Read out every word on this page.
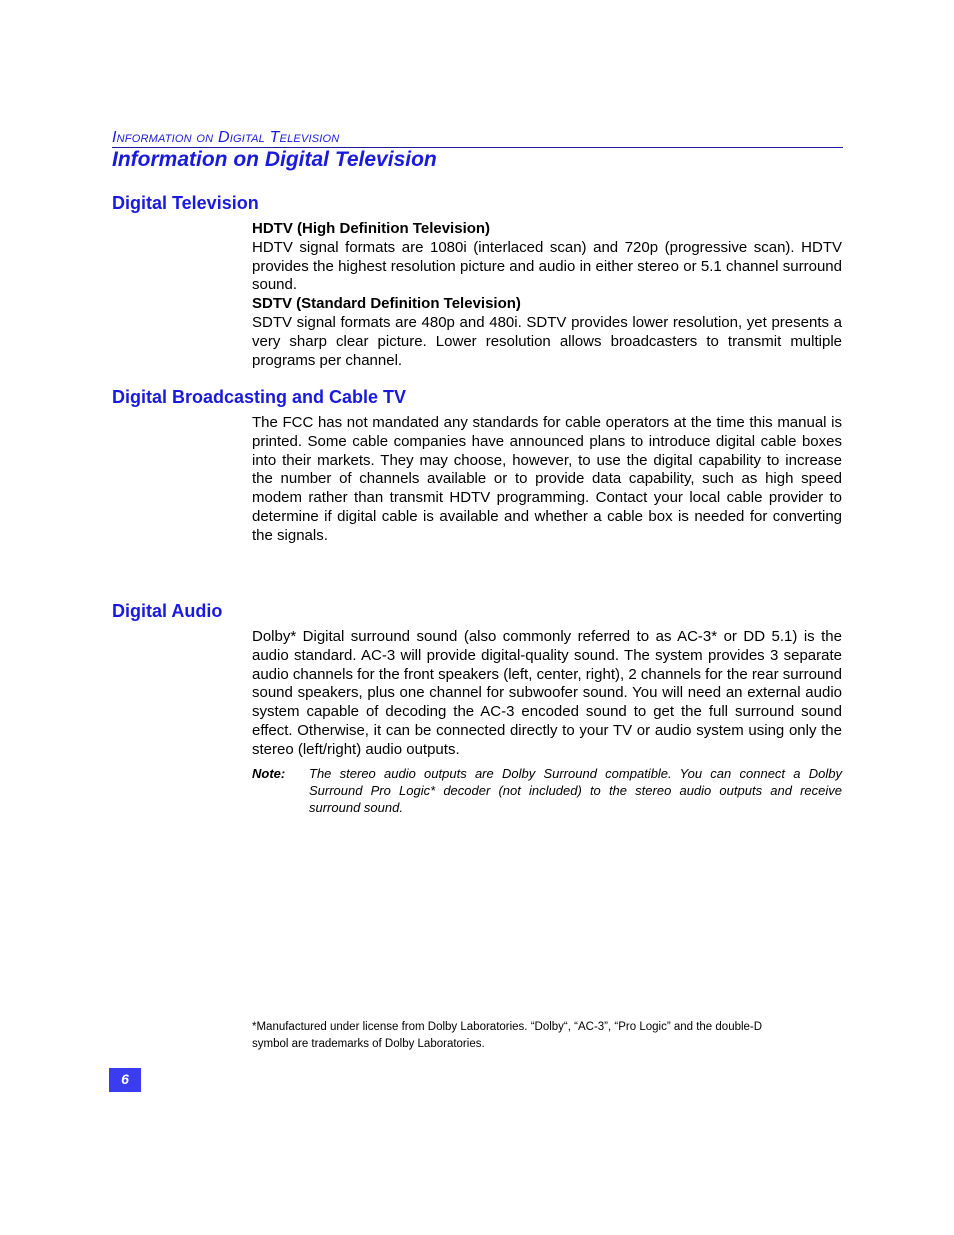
Information on Digital Television
Information on Digital Television
Digital Television

HDTV (High Definition Television)

HDTV signal formats are 1080i (interlaced scan) and 720p (progressive scan). HDTV provides the highest resolution picture and audio in either stereo or 5.1 channel surround sound.

SDTV (Standard Definition Television)

SDTV signal formats are 480p and 480i. SDTV provides lower resolution, yet presents a very sharp clear picture. Lower resolution allows broadcasters to transmit multiple programs per channel.

Digital Broadcasting and Cable TV

The FCC has not mandated any standards for cable operators at the time this manual is printed. Some cable companies have announced plans to introduce digital cable boxes into their markets. They may choose, however, to use the digital capability to increase the number of channels available or to provide data capability, such as high speed modem rather than transmit HDTV programming. Contact your local cable provider to determine if digital cable is available and whether a cable box is needed for converting the signals.

Digital Audio

Dolby* Digital surround sound (also commonly referred to as AC-3* or DD 5.1) is the audio standard. AC-3 will provide digital-quality sound. The system provides 3 separate audio channels for the front speakers (left, center, right), 2 channels for the rear surround sound speakers, plus one channel for subwoofer sound. You will need an external audio system capable of decoding the AC-3 encoded sound to get the full surround sound effect. Otherwise, it can be connected directly to your TV or audio system using only the stereo (left/right) audio outputs.

Note: The stereo audio outputs are Dolby Surround compatible. You can connect a Dolby Surround Pro Logic* decoder (not included) to the stereo audio outputs and receive surround sound.
*Manufactured under license from Dolby Laboratories. “Dolby“, “AC-3”, “Pro Logic” and the double-D
symbol are trademarks of Dolby Laboratories.
6
